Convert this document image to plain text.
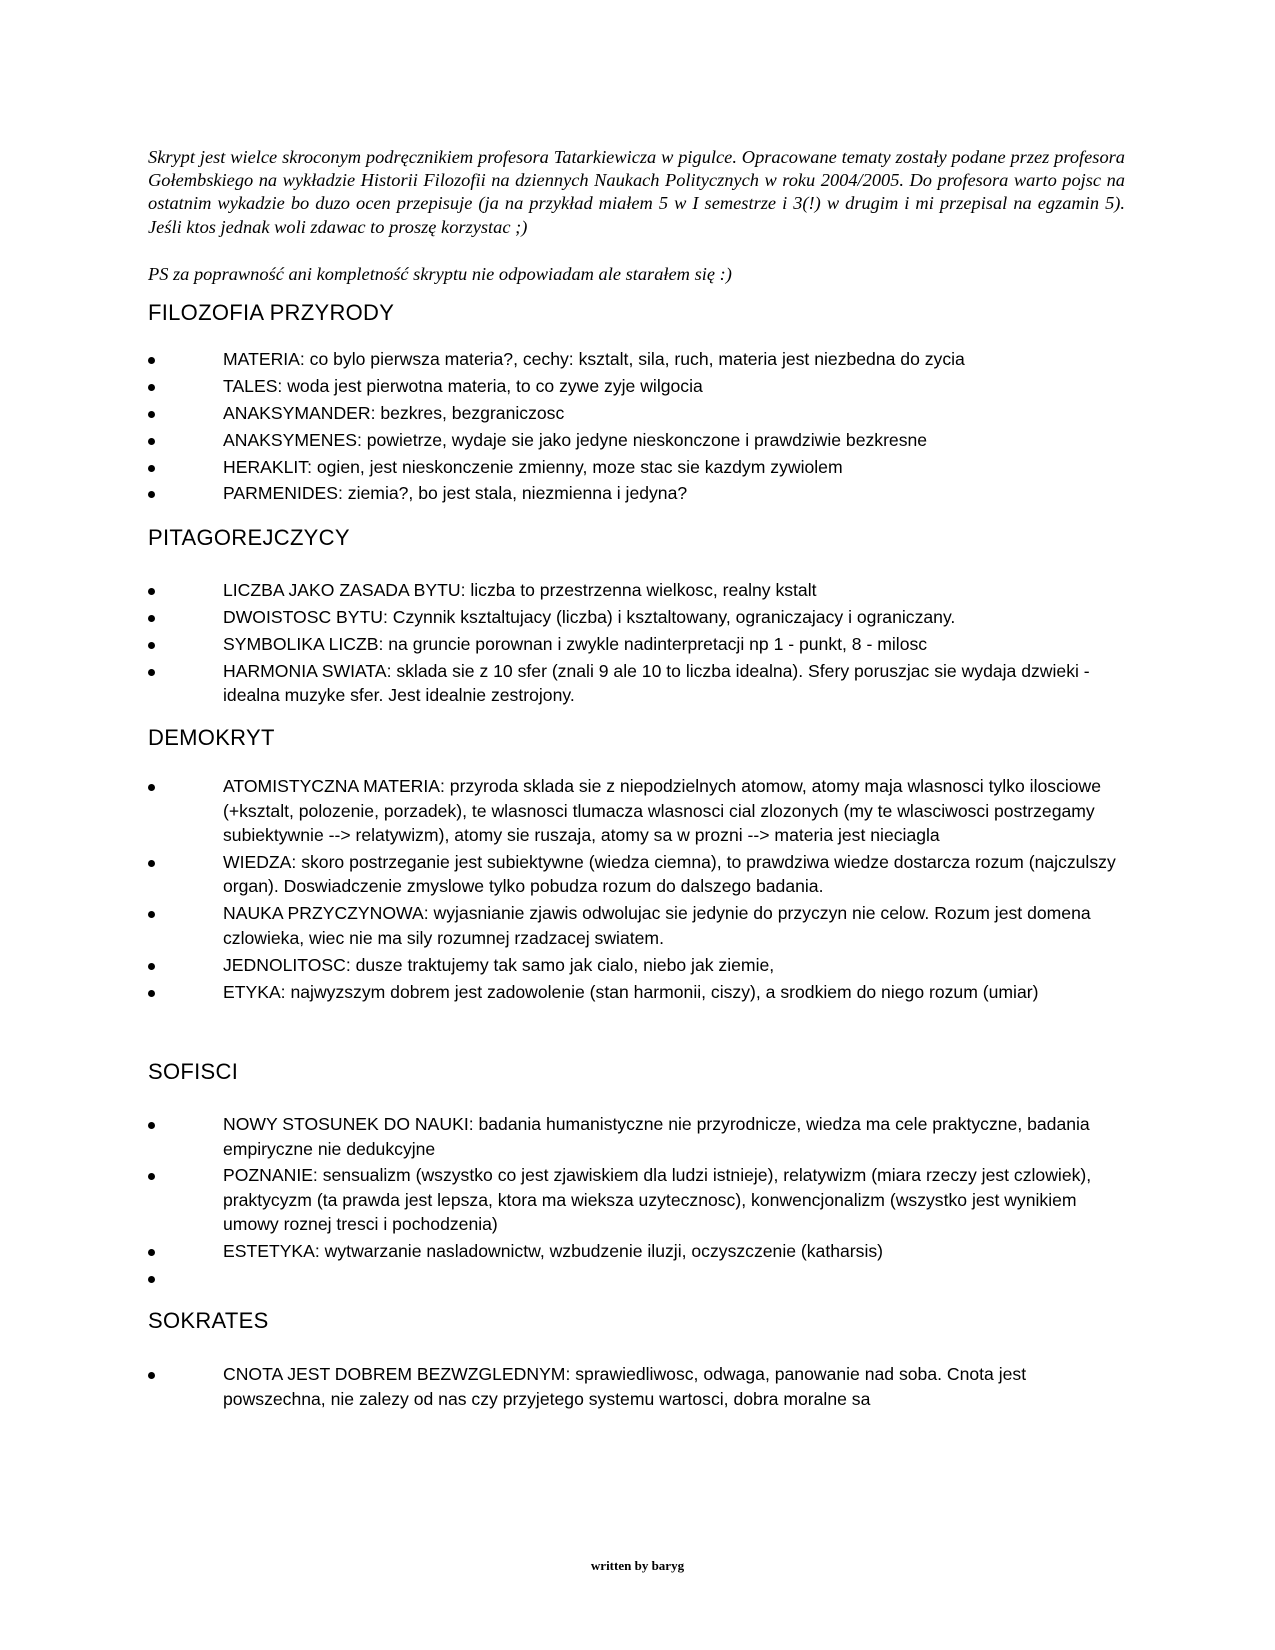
Skrypt jest wielce skroconym podręcznikiem profesora Tatarkiewicza w pigulce. Opracowane tematy zostały podane przez profesora Gołembskiego na wykładzie Historii Filozofii na dziennych Naukach Politycznych w roku 2004/2005. Do profesora warto pojsc na ostatnim wykadzie bo duzo ocen przepisuje (ja na przykład miałem 5 w I semestrze i 3(!) w drugim i mi przepisal na egzamin 5). Jeśli ktos jednak woli zdawac to proszę korzystac ;)

PS za poprawność ani kompletność skryptu nie odpowiadam ale starałem się :)

FILOZOFIA PRZYRODY
MATERIA: co bylo pierwsza materia?, cechy: ksztalt, sila, ruch, materia jest niezbedna do zycia
TALES: woda jest pierwotna materia, to co zywe zyje wilgocia
ANAKSYMANDER: bezkres, bezgraniczosc
ANAKSYMENES: powietrze, wydaje sie jako jedyne nieskonczone i prawdziwie bezkresne
HERAKLIT: ogien, jest nieskonczenie zmienny, moze stac sie kazdym zywiolem
PARMENIDES: ziemia?, bo jest stala, niezmienna i jedyna?
PITAGOREJCZYCY
LICZBA JAKO ZASADA BYTU: liczba to przestrzenna wielkosc, realny kstalt
DWOISTOSC BYTU: Czynnik ksztaltujacy (liczba) i ksztaltowany, ograniczajacy i ograniczany.
SYMBOLIKA LICZB: na gruncie porownan i zwykle nadinterpretacji np 1 - punkt, 8 - milosc
HARMONIA SWIATA: sklada sie z 10 sfer (znali 9 ale 10 to liczba idealna). Sfery poruszjac sie wydaja dzwieki - idealna muzyke sfer. Jest idealnie zestrojony.
DEMOKRYT
ATOMISTYCZNA MATERIA: przyroda sklada sie z niepodzielnych atomow, atomy maja wlasnosci tylko ilosciowe (+ksztalt, polozenie, porzadek), te wlasnosci tlumacza wlasnosci cial zlozonych (my te wlasciwosci postrzegamy subiektywnie --> relatywizm), atomy sie ruszaja, atomy sa w prozni --> materia jest nieciagla
WIEDZA: skoro postrzeganie jest subiektywne (wiedza ciemna), to prawdziwa wiedze dostarcza rozum (najczulszy organ). Doswiadczenie zmyslowe tylko pobudza rozum do dalszego badania.
NAUKA PRZYCZYNOWA: wyjasnianie zjawis odwolujac sie jedynie do przyczyn nie celow. Rozum jest domena czlowieka, wiec nie ma sily rozumnej rzadzacej swiatem.
JEDNOLITOSC: dusze traktujemy tak samo jak cialo, niebo jak ziemie,
ETYKA: najwyzszym dobrem jest zadowolenie (stan harmonii, ciszy), a srodkiem do niego rozum (umiar)
SOFISCI
NOWY STOSUNEK DO NAUKI: badania humanistyczne nie przyrodnicze, wiedza ma cele praktyczne, badania empiryczne nie dedukcyjne
POZNANIE: sensualizm (wszystko co jest zjawiskiem dla ludzi istnieje), relatywizm (miara rzeczy jest czlowiek), praktycyzm (ta prawda jest lepsza, ktora ma wieksza uzytecznosc), konwencjonalizm (wszystko jest wynikiem umowy roznej tresci i pochodzenia)
ESTETYKA: wytwarzanie nasladownictw, wzbudzenie iluzji, oczyszczenie (katharsis)
SOKRATES
CNOTA JEST DOBREM BEZWZGLEDNYM: sprawiedliwosc, odwaga, panowanie nad soba. Cnota jest powszechna, nie zalezy od nas czy przyjetego systemu wartosci, dobra moralne sa
written by baryg
